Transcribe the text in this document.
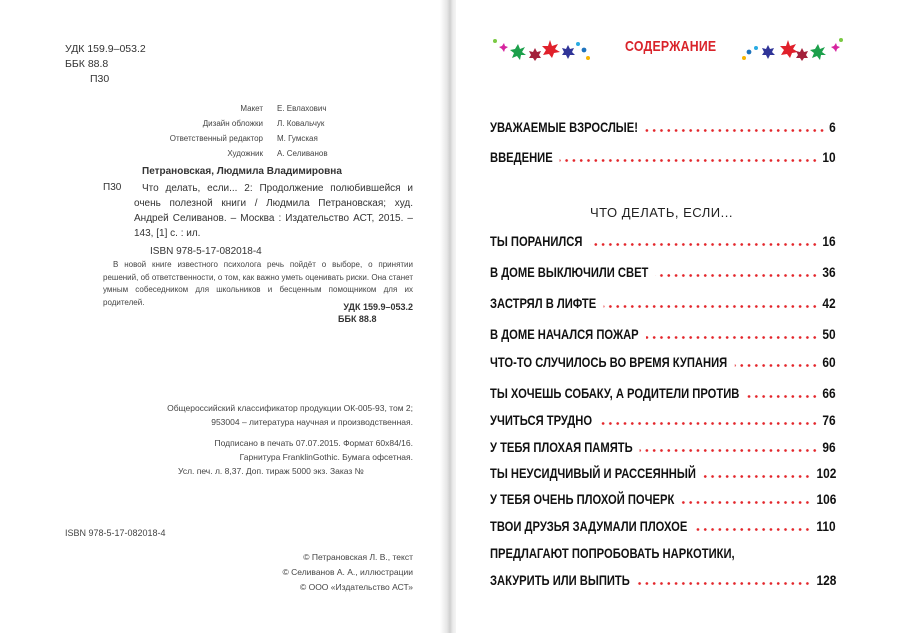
УДК 159.9–053.2
ББК 88.8
П30
Макет Е. Евлахович
Дизайн обложки Л. Ковальчук
Ответственный редактор М. Гумская
Художник А. Селиванов
Петрановская, Людмила Владимировна
П30	Что делать, если... 2: Продолжение полюбившейся и очень полезной книги / Людмила Петрановская; худ. Андрей Селиванов. – Москва : Издательство АСТ, 2015. – 143, [1] с. : ил.
ISBN 978-5-17-082018-4
В новой книге известного психолога речь пойдёт о выборе, о принятии решений, об ответственности, о том, как важно уметь оценивать риски. Она станет умным собеседником для школьников и бесценным помощником для их родителей.	УДК 159.9–053.2
ББК 88.8
Общероссийский классификатор продукции ОК-005-93, том 2;
953004 – литература научная и производственная.
Подписано в печать 07.07.2015. Формат 60x84/16.
Гарнитура FranklinGothic. Бумага офсетная.
Усл. печ. л. 8,37. Доп. тираж 5000 экз. Заказ №
ISBN 978-5-17-082018-4
© Петрановская Л. В., текст
© Селиванов А. А., иллюстрации
© ООО «Издательство АСТ»
СОДЕРЖАНИЕ
УВАЖАЕМЫЕ ВЗРОСЛЫЕ!	6
ВВЕДЕНИЕ	10
ЧТО ДЕЛАТЬ, ЕСЛИ...
ТЫ ПОРАНИЛСЯ	16
В ДОМЕ ВЫКЛЮЧИЛИ СВЕТ	36
ЗАСТРЯЛ В ЛИФТЕ	42
В ДОМЕ НАЧАЛСЯ ПОЖАР	50
ЧТО-ТО СЛУЧИЛОСЬ ВО ВРЕМЯ КУПАНИЯ	60
ТЫ ХОЧЕШЬ СОБАКУ, А РОДИТЕЛИ ПРОТИВ	66
УЧИТЬСЯ ТРУДНО	76
У ТЕБЯ ПЛОХАЯ ПАМЯТЬ	96
ТЫ НЕУСИДЧИВЫЙ И РАССЕЯННЫЙ	102
У ТЕБЯ ОЧЕНЬ ПЛОХОЙ ПОЧЕРК	106
ТВОИ ДРУЗЬЯ ЗАДУМАЛИ ПЛОХОЕ	110
ПРЕДЛАГАЮТ ПОПРОБОВАТЬ НАРКОТИКИ,
ЗАКУРИТЬ ИЛИ ВЫПИТЬ	128
